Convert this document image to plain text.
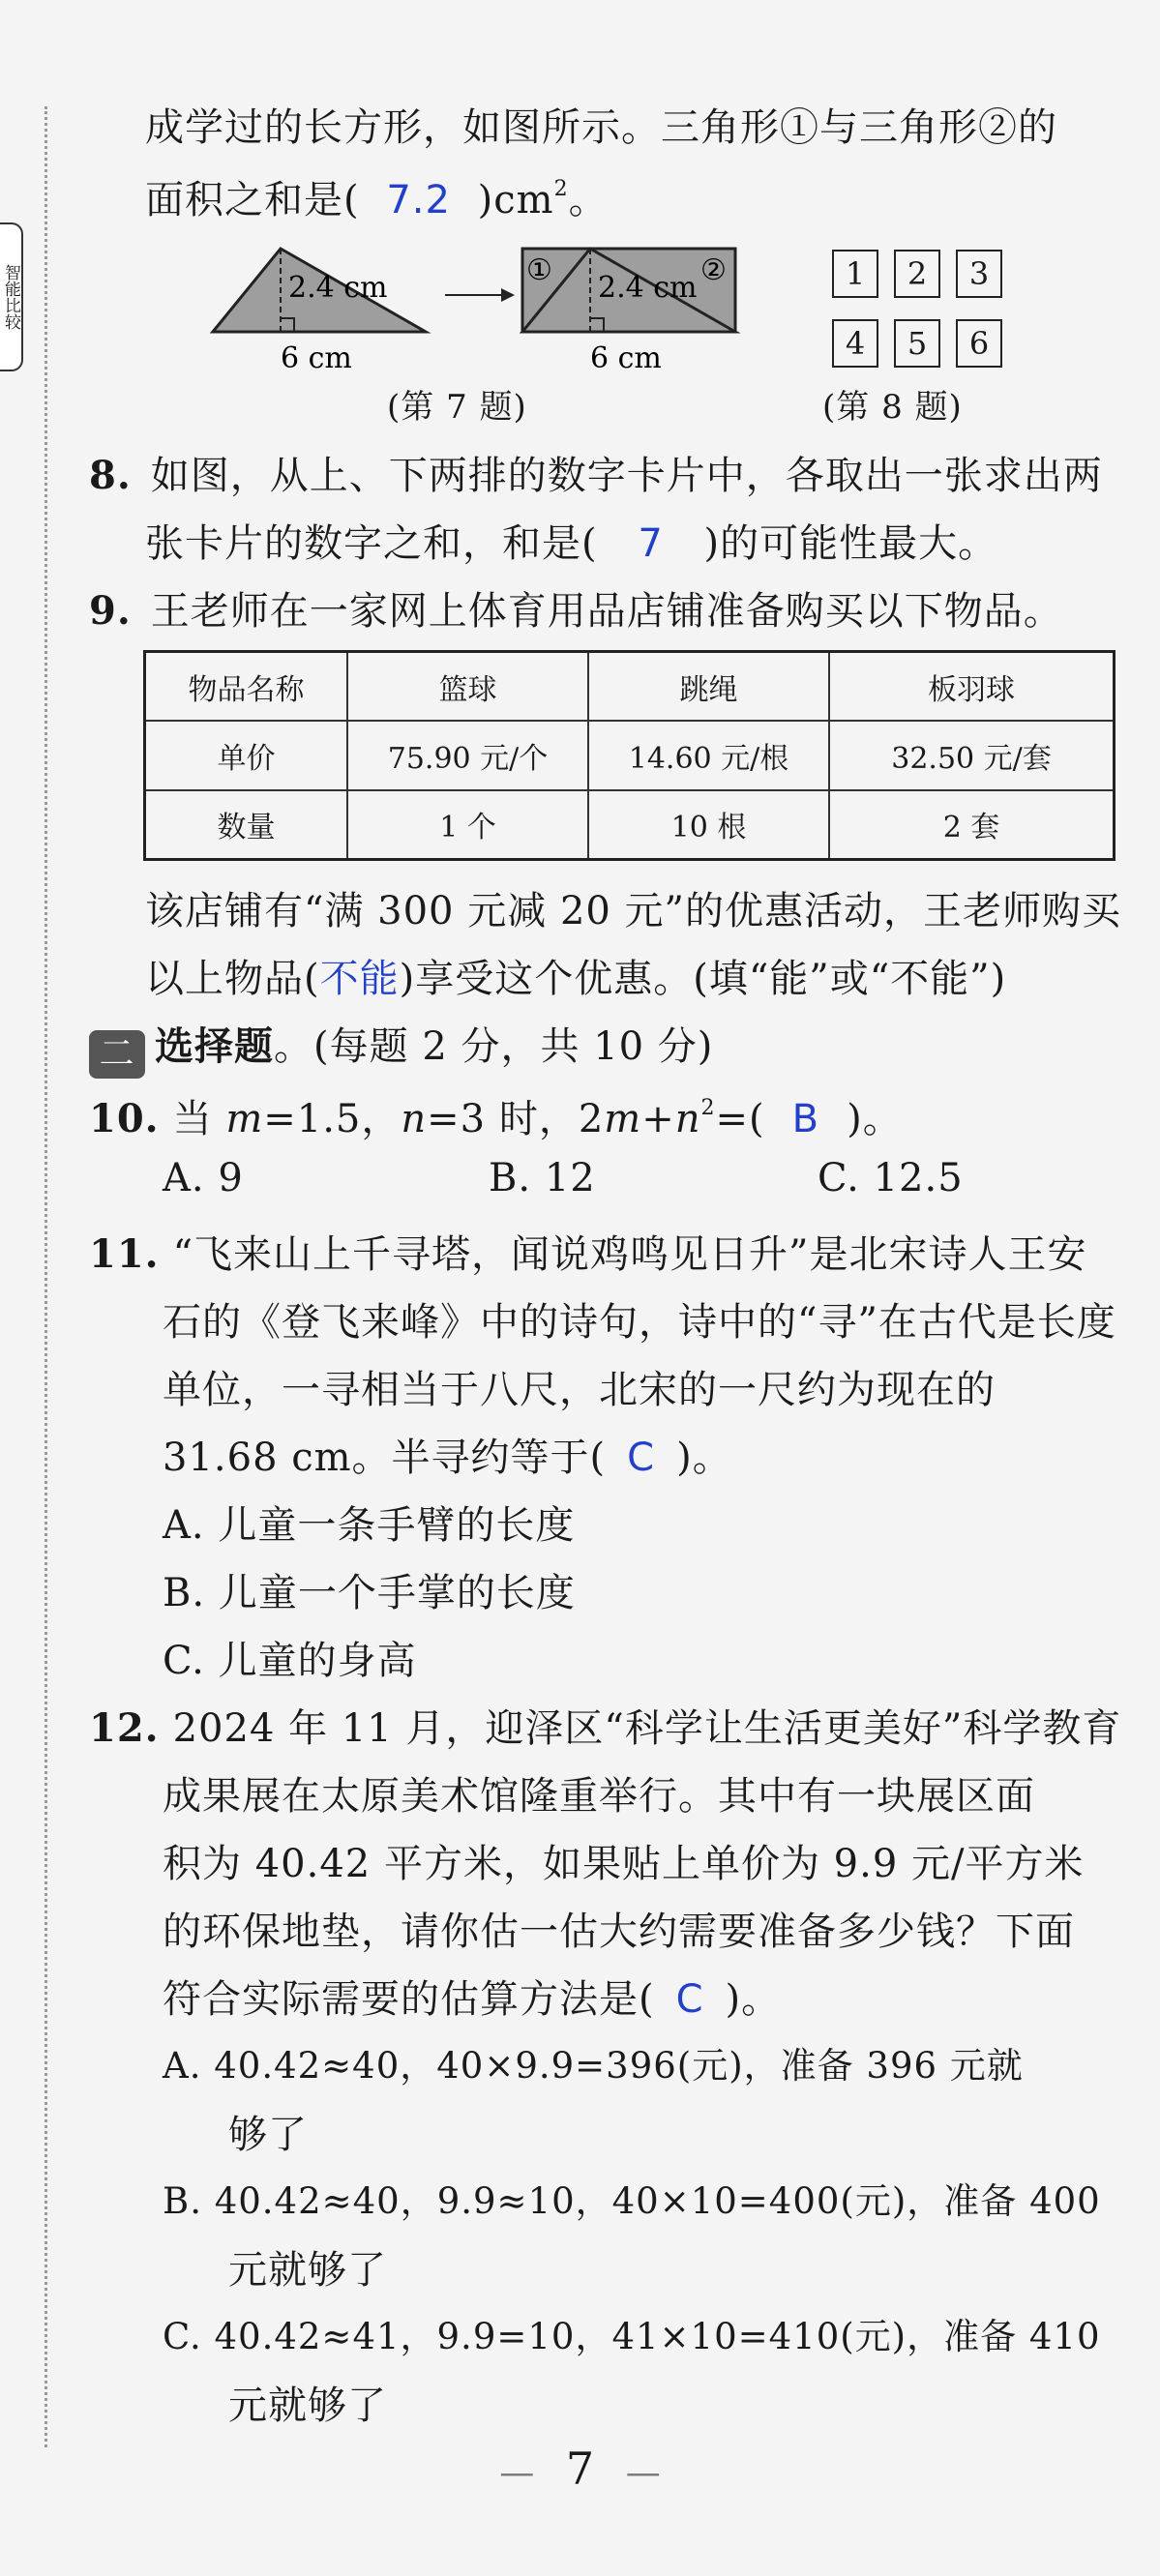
智能比较
成学过的长方形，如图所示。三角形①与三角形②的
面积之和是( 7.2 )$cm^2$。
2.4 cm
6 cm
①	②
2.4 cm
6 cm
(第 7 题)
1	2	3
4	5	6
(第 8 题)
8. 如图，从上、下两排的数字卡片中，各取出一张求出两
张卡片的数字之和，和是( 7 )的可能性最大。
9. 王老师在一家网上体育用品店铺准备购买以下物品。
物品名称	篮球	跳绳	板羽球
单价	75.90 元/个	14.60 元/根	32.50 元/套
数量	1 个	10 根	2 套
该店铺有“满 300 元减 20 元”的优惠活动，王老师购买
以上物品(不能)享受这个优惠。(填“能”或“不能”)
二 选择题。(每题 2 分，共 10 分)
10. 当 m=1.5，n=3 时，$2m+n^2=$( B )。
A. 9	B. 12	C. 12.5
11. “飞来山上千寻塔，闻说鸡鸣见日升”是北宋诗人王安
石的《登飞来峰》中的诗句，诗中的“寻”在古代是长度
单位，一寻相当于八尺，北宋的一尺约为现在的
31.68 cm。半寻约等于( C )。
A. 儿童一条手臂的长度
B. 儿童一个手掌的长度
C. 儿童的身高
12. 2024 年 11 月，迎泽区“科学让生活更美好”科学教育
成果展在太原美术馆隆重举行。其中有一块展区面
积为 40.42 平方米，如果贴上单价为 9.9 元/平方米
的环保地垫，请你估一估大约需要准备多少钱？下面
符合实际需要的估算方法是( C )。
A. 40.42≈40，40×9.9=396(元)，准备 396 元就
够了
B. 40.42≈40，9.9≈10，40×10=400(元)，准备 400
元就够了
C. 40.42≈41，9.9=10，41×10=410(元)，准备 410
元就够了
— 7 —
